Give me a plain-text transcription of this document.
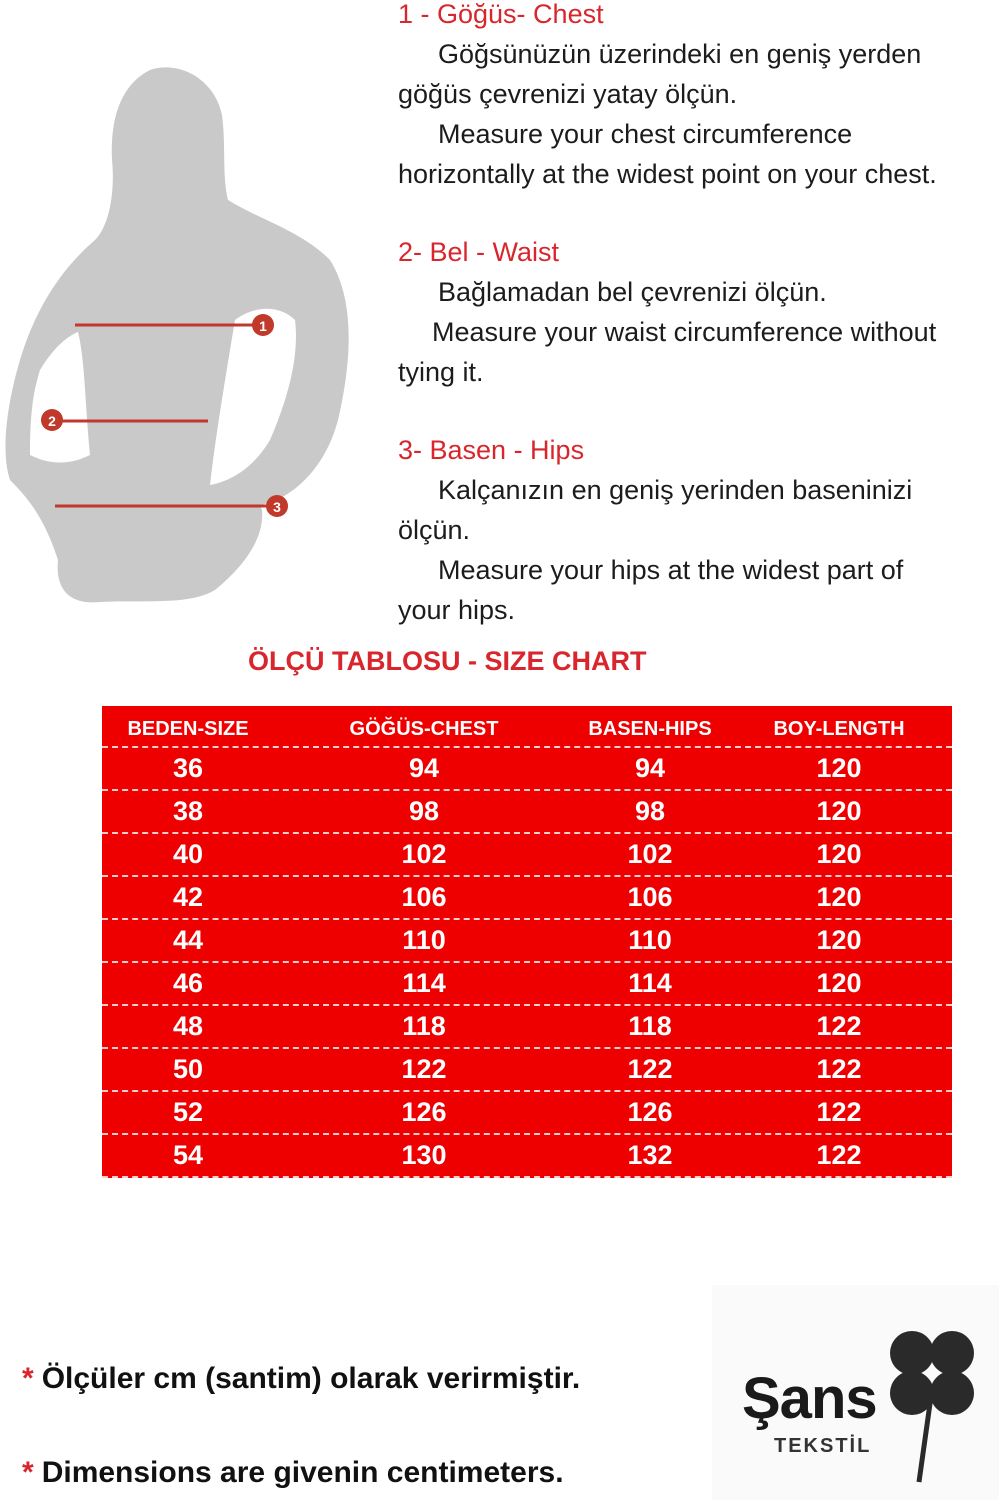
1
2
3

1 - Göğüs- Chest

Göğsünüzün üzerindeki en geniş yerden

göğüs çevrenizi yatay ölçün.

Measure your chest circumference

horizontally at the widest point on your chest.

2- Bel - Waist

Bağlamadan bel çevrenizi ölçün.

Measure your waist circumference without

tying it.

3- Basen - Hips

Kalçanızın en geniş yerinden baseninizi

ölçün.

Measure your hips at the widest part of

your hips.

ÖLÇÜ TABLOSU - SIZE CHART
BEDEN-SIZE	GÖĞÜS-CHEST	BASEN-HIPS	BOY-LENGTH
36	94	94	120
38	98	98	120
40	102	102	120
42	106	106	120
44	110	110	120
46	114	114	120
48	118	118	122
50	122	122	122
52	126	126	122
54	130	132	122
* Ölçüler cm (santim) olarak verirmiştir.
* Dimensions are givenin centimeters.
Şans
TEKSTİL
